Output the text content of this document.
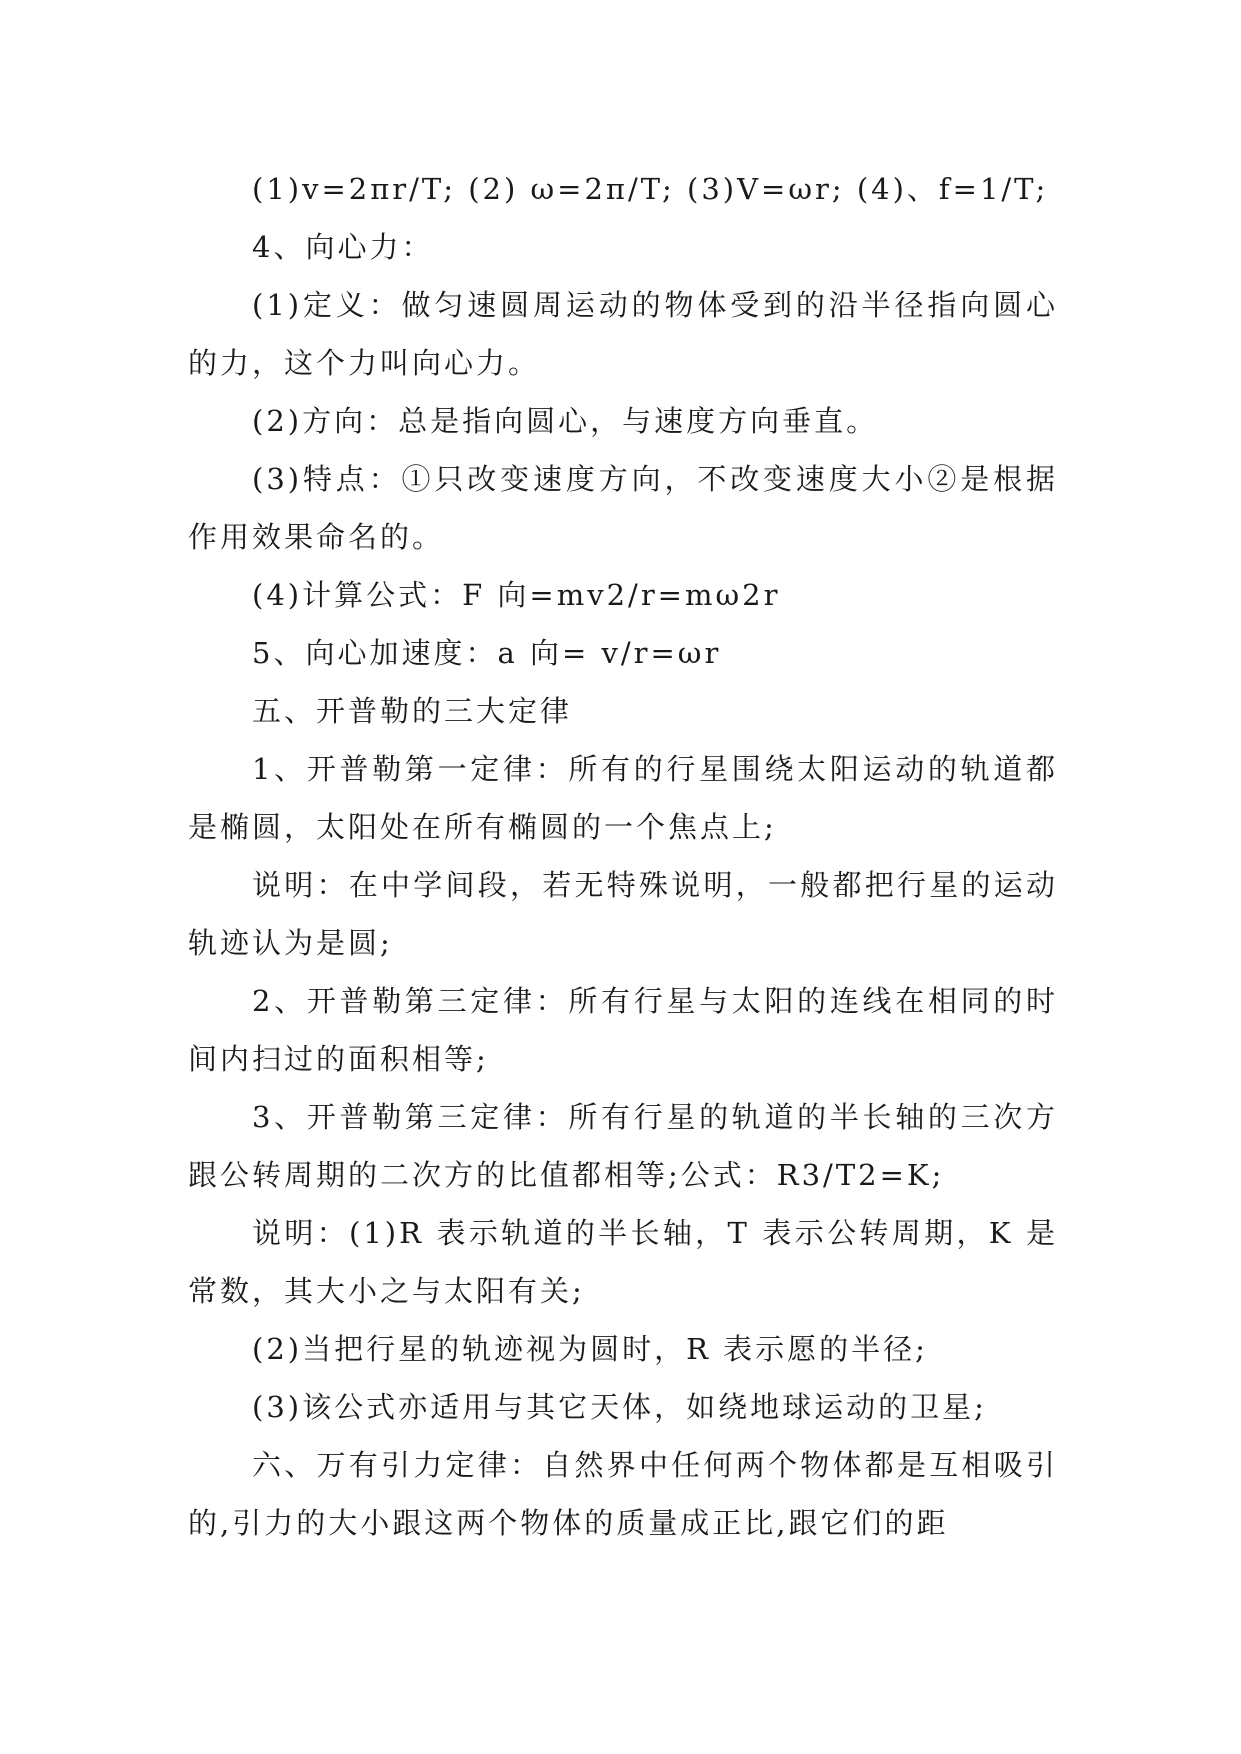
(1)v=2πr/T; (2) ω=2π/T; (3)V=ωr; (4)、f=1/T;

4、向心力：

(1)定义：做匀速圆周运动的物体受到的沿半径指向圆心的力，这个力叫向心力。

(2)方向：总是指向圆心，与速度方向垂直。

(3)特点：①只改变速度方向，不改变速度大小②是根据作用效果命名的。

(4)计算公式：F 向=mv2/r=mω2r

5、向心加速度：a 向= v/r=ωr

五、开普勒的三大定律

1、开普勒第一定律：所有的行星围绕太阳运动的轨道都是椭圆，太阳处在所有椭圆的一个焦点上;

说明：在中学间段，若无特殊说明，一般都把行星的运动轨迹认为是圆;

2、开普勒第三定律：所有行星与太阳的连线在相同的时间内扫过的面积相等;

3、开普勒第三定律：所有行星的轨道的半长轴的三次方跟公转周期的二次方的比值都相等;公式：R3/T2=K;

说明：(1)R 表示轨道的半长轴，T 表示公转周期，K 是常数，其大小之与太阳有关;

(2)当把行星的轨迹视为圆时，R 表示愿的半径;

(3)该公式亦适用与其它天体，如绕地球运动的卫星;

六、万有引力定律：自然界中任何两个物体都是互相吸引的,引力的大小跟这两个物体的质量成正比,跟它们的距
